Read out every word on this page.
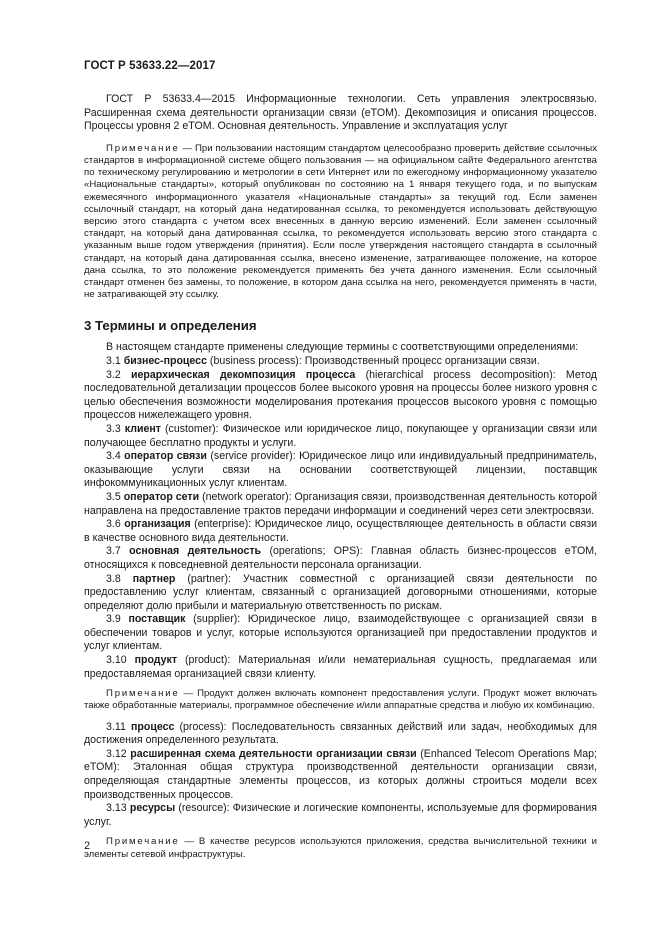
ГОСТ Р 53633.22—2017

ГОСТ Р 53633.4—2015 Информационные технологии. Сеть управления электросвязью. Расширенная схема деятельности организации связи (eTOM). Декомпозиция и описания процессов. Процессы уровня 2 eTOM. Основная деятельность. Управление и эксплуатация услуг

Примечание — При пользовании настоящим стандартом целесообразно проверить действие ссылочных стандартов в информационной системе общего пользования — на официальном сайте Федерального агентства по техническому регулированию и метрологии в сети Интернет или по ежегодному информационному указателю «Национальные стандарты», который опубликован по состоянию на 1 января текущего года, и по выпускам ежемесячного информационного указателя «Национальные стандарты» за текущий год. Если заменен ссылочный стандарт, на который дана недатированная ссылка, то рекомендуется использовать действующую версию этого стандарта с учетом всех внесенных в данную версию изменений. Если заменен ссылочный стандарт, на который дана датированная ссылка, то рекомендуется использовать версию этого стандарта с указанным выше годом утверждения (принятия). Если после утверждения настоящего стандарта в ссылочный стандарт, на который дана датированная ссылка, внесено изменение, затрагивающее положение, на которое дана ссылка, то это положение рекомендуется применять без учета данного изменения. Если ссылочный стандарт отменен без замены, то положение, в котором дана ссылка на него, рекомендуется применять в части, не затрагивающей эту ссылку.

3 Термины и определения

В настоящем стандарте применены следующие термины с соответствующими определениями:

3.1 бизнес-процесс (business process): Производственный процесс организации связи.

3.2 иерархическая декомпозиция процесса (hierarchical process decomposition): Метод последовательной детализации процессов более высокого уровня на процессы более низкого уровня с целью обеспечения возможности моделирования протекания процессов высокого уровня с помощью процессов нижележащего уровня.

3.3 клиент (customer): Физическое или юридическое лицо, покупающее у организации связи или получающее бесплатно продукты и услуги.

3.4 оператор связи (service provider): Юридическое лицо или индивидуальный предприниматель, оказывающие услуги связи на основании соответствующей лицензии, поставщик инфокоммуникационных услуг клиентам.

3.5 оператор сети (network operator): Организация связи, производственная деятельность которой направлена на предоставление трактов передачи информации и соединений через сети электросвязи.

3.6 организация (enterprise): Юридическое лицо, осуществляющее деятельность в области связи в качестве основного вида деятельности.

3.7 основная деятельность (operations; OPS): Главная область бизнес-процессов eTOM, относящихся к повседневной деятельности персонала организации.

3.8 партнер (partner): Участник совместной с организацией связи деятельности по предоставлению услуг клиентам, связанный с организацией договорными отношениями, которые определяют долю прибыли и материальную ответственность по рискам.

3.9 поставщик (supplier): Юридическое лицо, взаимодействующее с организацией связи в обеспечении товаров и услуг, которые используются организацией при предоставлении продуктов и услуг клиентам.

3.10 продукт (product): Материальная и/или нематериальная сущность, предлагаемая или предоставляемая организацией связи клиенту.

Примечание — Продукт должен включать компонент предоставления услуги. Продукт может включать также обработанные материалы, программное обеспечение и/или аппаратные средства и любую их комбинацию.

3.11 процесс (process): Последовательность связанных действий или задач, необходимых для достижения определенного результата.

3.12 расширенная схема деятельности организации связи (Enhanced Telecom Operations Map; eTOM): Эталонная общая структура производственной деятельности организации связи, определяющая стандартные элементы процессов, из которых должны строиться модели всех производственных процессов.

3.13 ресурсы (resource): Физические и логические компоненты, используемые для формирования услуг.

Примечание — В качестве ресурсов используются приложения, средства вычислительной техники и элементы сетевой инфраструктуры.

2
